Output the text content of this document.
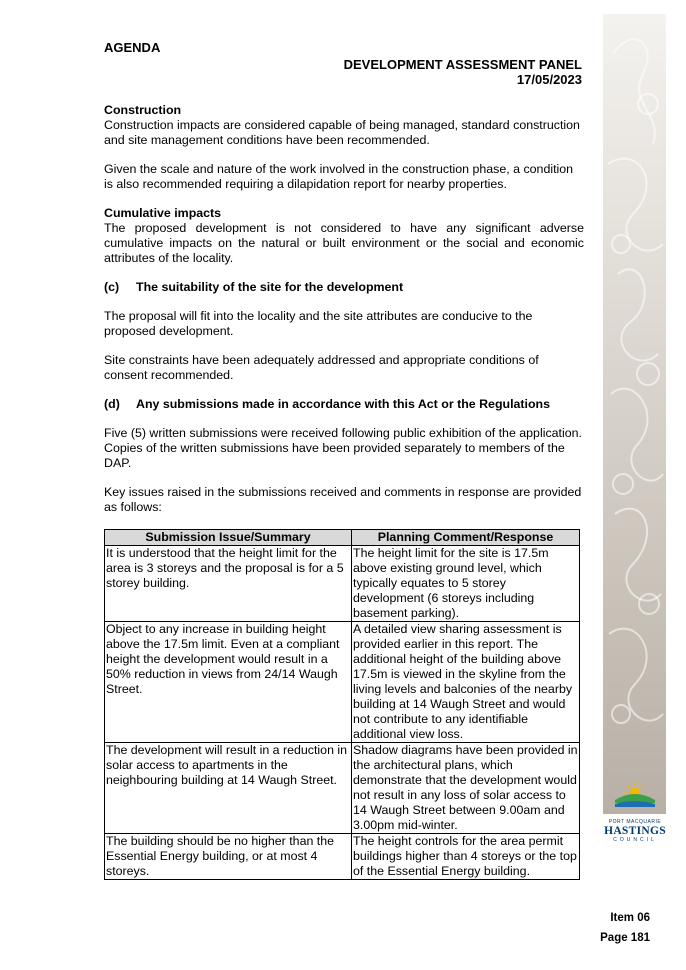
PORT MACQUARIE
HASTINGS
COUNCIL
AGENDA
DEVELOPMENT ASSESSMENT PANEL
17/05/2023

Construction

Construction impacts are considered capable of being managed, standard construction and site management conditions have been recommended.

Given the scale and nature of the work involved in the construction phase, a condition is also recommended requiring a dilapidation report for nearby properties.

Cumulative impacts

The proposed development is not considered to have any significant adverse cumulative impacts on the natural or built environment or the social and economic attributes of the locality.

(c)	The suitability of the site for the development

The proposal will fit into the locality and the site attributes are conducive to the proposed development.

Site constraints have been adequately addressed and appropriate conditions of consent recommended.

(d)	Any submissions made in accordance with this Act or the Regulations

Five (5) written submissions were received following public exhibition of the application. Copies of the written submissions have been provided separately to members of the DAP.

Key issues raised in the submissions received and comments in response are provided as follows:

Submission Issue/Summary	Planning Comment/Response
It is understood that the height limit for the area is 3 storeys and the proposal is for a 5 storey building.	The height limit for the site is 17.5m above existing ground level, which typically equates to 5 storey development (6 storeys including basement parking).
Object to any increase in building height above the 17.5m limit. Even at a compliant height the development would result in a 50% reduction in views from 24/14 Waugh Street.	A detailed view sharing assessment is provided earlier in this report. The additional height of the building above 17.5m is viewed in the skyline from the living levels and balconies of the nearby building at 14 Waugh Street and would not contribute to any identifiable additional view loss.
The development will result in a reduction in solar access to apartments in the neighbouring building at 14 Waugh Street.	Shadow diagrams have been provided in the architectural plans, which demonstrate that the development would not result in any loss of solar access to 14 Waugh Street between 9.00am and 3.00pm mid-winter.
The building should be no higher than the Essential Energy building, or at most 4 storeys.	The height controls for the area permit buildings higher than 4 storeys or the top of the Essential Energy building.
Item 06
Page 181
